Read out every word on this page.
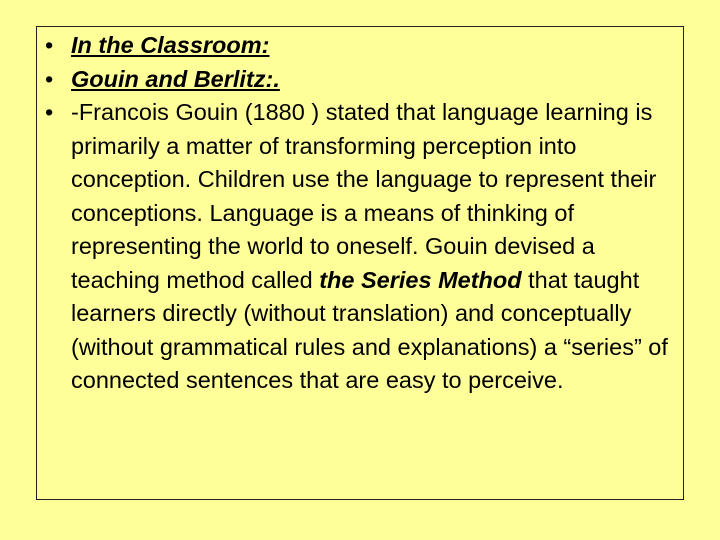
• In the Classroom:
• Gouin and Berlitz:.
• -Francois Gouin (1880 ) stated that language learning is primarily a matter of transforming perception into conception. Children use the language to represent their conceptions. Language is a means of thinking of representing the world to oneself. Gouin devised a teaching method called the Series Method that taught learners directly (without translation) and conceptually (without grammatical rules and explanations) a “series” of connected sentences that are easy to perceive.
